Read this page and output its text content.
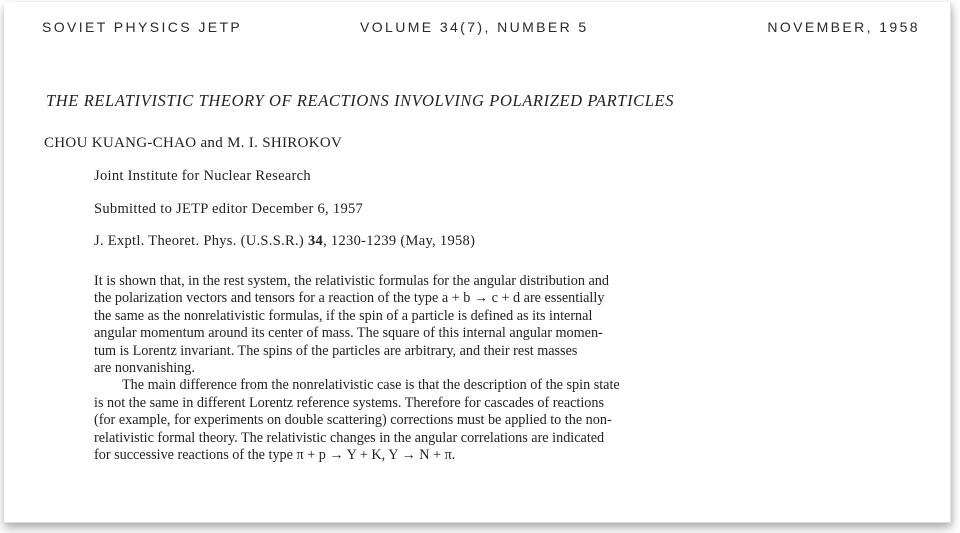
SOVIET PHYSICS JETP	VOLUME 34(7), NUMBER 5	NOVEMBER, 1958
THE RELATIVISTIC THEORY OF REACTIONS INVOLVING POLARIZED PARTICLES
CHOU KUANG-CHAO and M. I. SHIROKOV
Joint Institute for Nuclear Research
Submitted to JETP editor December 6, 1957
J. Exptl. Theoret. Phys. (U.S.S.R.) 34, 1230-1239 (May, 1958)
It is shown that, in the rest system, the relativistic formulas for the angular distribution and
the polarization vectors and tensors for a reaction of the type a + b → c + d are essentially
the same as the nonrelativistic formulas, if the spin of a particle is defined as its internal
angular momentum around its center of mass. The square of this internal angular momen-
tum is Lorentz invariant. The spins of the particles are arbitrary, and their rest masses
are nonvanishing.
The main difference from the nonrelativistic case is that the description of the spin state
is not the same in different Lorentz reference systems. Therefore for cascades of reactions
(for example, for experiments on double scattering) corrections must be applied to the non-
relativistic formal theory. The relativistic changes in the angular correlations are indicated
for successive reactions of the type π + p → Y + K, Y → N + π.
